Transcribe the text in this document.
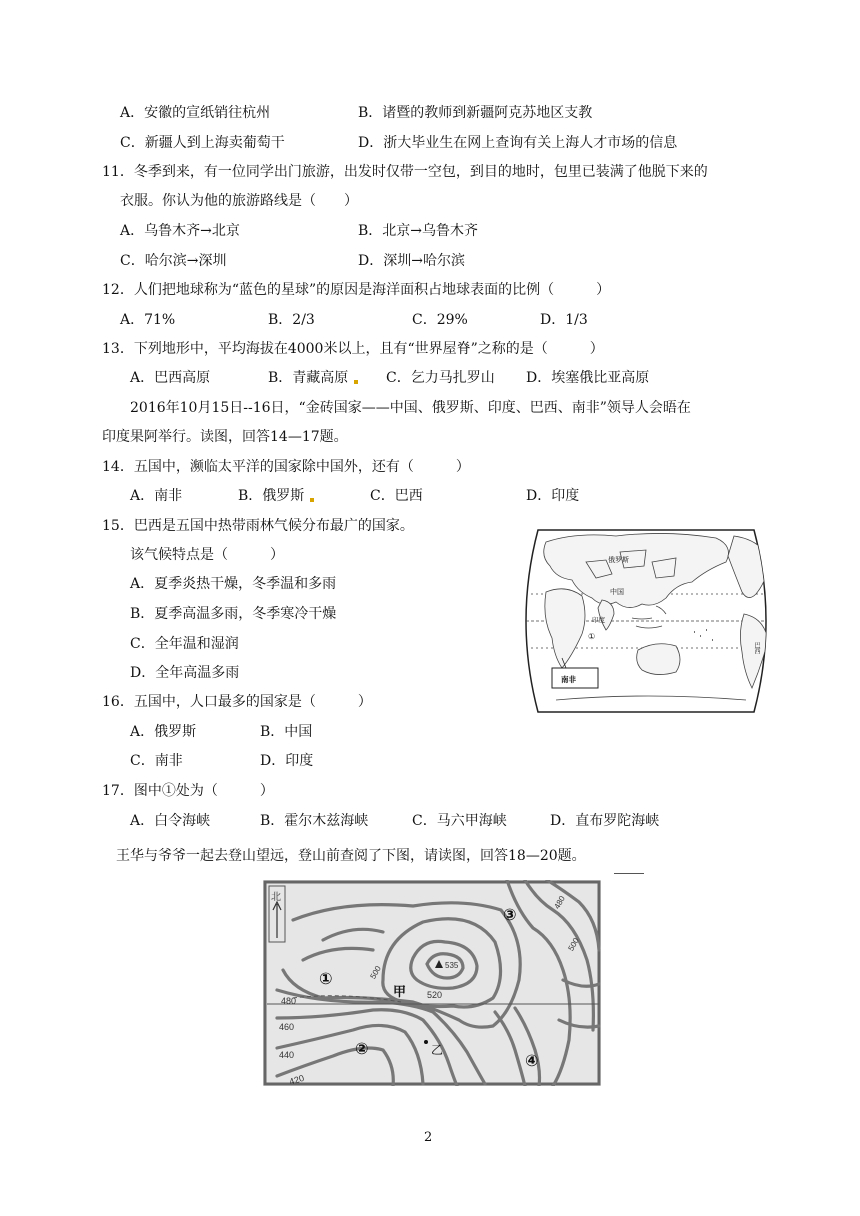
A．安徽的宣纸销往杭州	B．诸暨的教师到新疆阿克苏地区支教
C．新疆人到上海卖葡萄干	D．浙大毕业生在网上查询有关上海人才市场的信息
11．冬季到来，有一位同学出门旅游，出发时仅带一空包，到目的地时，包里已装满了他脱下来的
衣服。你认为他的旅游路线是（　　）
A．乌鲁木齐→北京	B．北京→乌鲁木齐
C．哈尔滨→深圳	D．深圳→哈尔滨
12．人们把地球称为“蓝色的星球”的原因是海洋面积占地球表面的比例（　　　）
A．71%	B．2/3	C．29%	D．1/3
13．下列地形中，平均海拔在4000米以上，且有“世界屋脊”之称的是（　　　）
A．巴西高原	B．青藏高原	C．乞力马扎罗山 D．埃塞俄比亚高原
2016年10月15日--16日，“金砖国家——中国、俄罗斯、印度、巴西、南非”领导人会晤在
印度果阿举行。读图，回答14—17题。
14．五国中，濒临太平洋的国家除中国外，还有（　　　）
A．南非	B．俄罗斯	C．巴西	D．印度
15．巴西是五国中热带雨林气候分布最广的国家。
该气候特点是（　　　）
A．夏季炎热干燥，冬季温和多雨
B．夏季高温多雨，冬季寒冷干燥
C．全年温和湿润
D．全年高温多雨
16．五国中，人口最多的国家是（　　　）
A．俄罗斯	B．中国
C．南非	D．印度
17．图中①处为（　　　）
A．白令海峡	B．霍尔木兹海峡	C．马六甲海峡	D．直布罗陀海峡
王华与爷爷一起去登山望远，登山前查阅了下图，请读图，回答18—20题。
俄罗斯
中国
印度
①
巴西
南非
北
535
520
500
480
460
440
420
480
500
甲
乙
①
②
③
④
2
